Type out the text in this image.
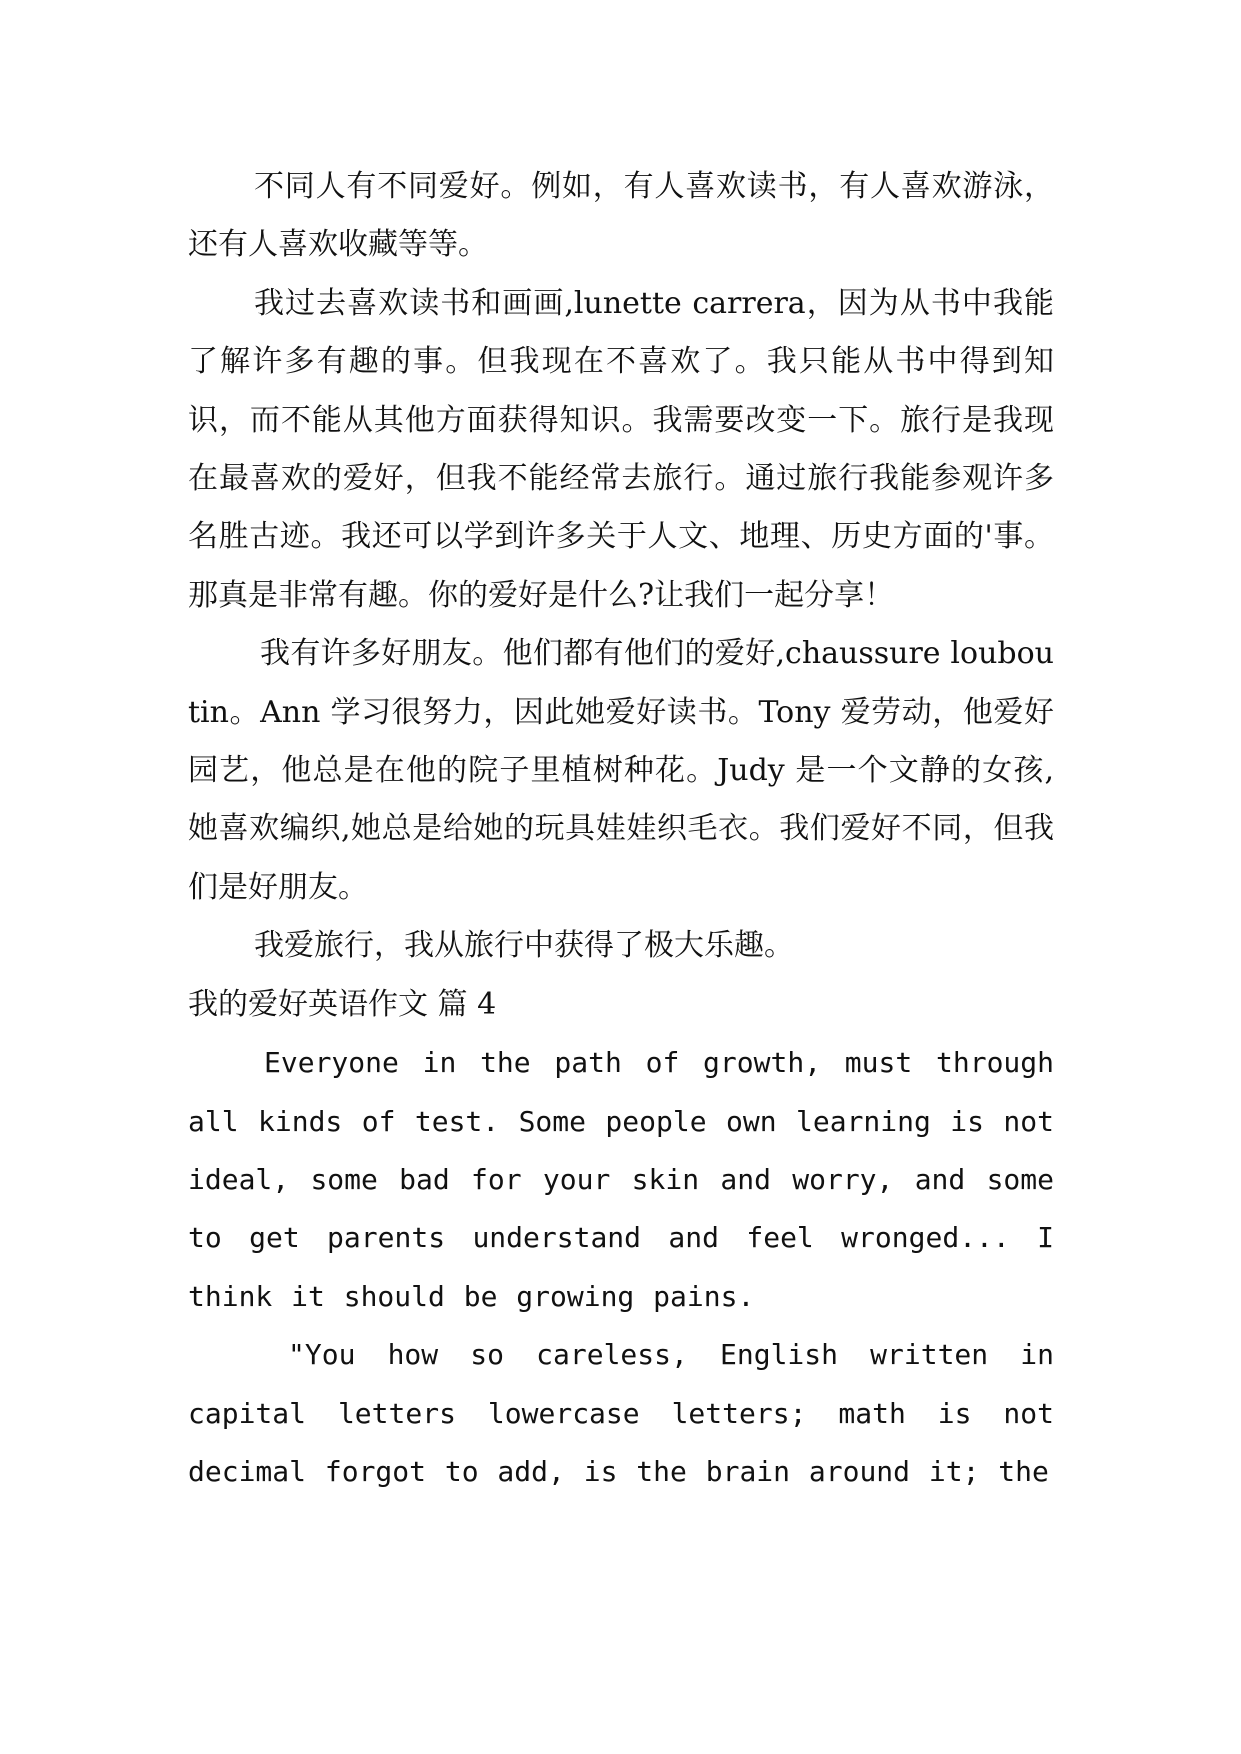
不同人有不同爱好。例如，有人喜欢读书，有人喜欢游泳，还有人喜欢收藏等等。

我过去喜欢读书和画画,lunette carrera，因为从书中我能了解许多有趣的事。但我现在不喜欢了。我只能从书中得到知识，而不能从其他方面获得知识。我需要改变一下。旅行是我现在最喜欢的爱好，但我不能经常去旅行。通过旅行我能参观许多名胜古迹。我还可以学到许多关于人文、地理、历史方面的'事。那真是非常有趣。你的爱好是什么?让我们一起分享！

我有许多好朋友。他们都有他们的爱好,chaussure louboutin。Ann 学习很努力，因此她爱好读书。Tony 爱劳动，他爱好园艺，他总是在他的院子里植树种花。Judy 是一个文静的女孩,她喜欢编织,她总是给她的玩具娃娃织毛衣。我们爱好不同，但我们是好朋友。

我爱旅行，我从旅行中获得了极大乐趣。

我的爱好英语作文 篇 4

Everyone in the path of growth, must through all kinds of test. Some people own learning is not ideal, some bad for your skin and worry, and some to get parents understand and feel wronged... I think it should be growing pains.

"You how so careless, English written in capital letters lowercase letters; math is not decimal forgot to add, is the brain around it; the
